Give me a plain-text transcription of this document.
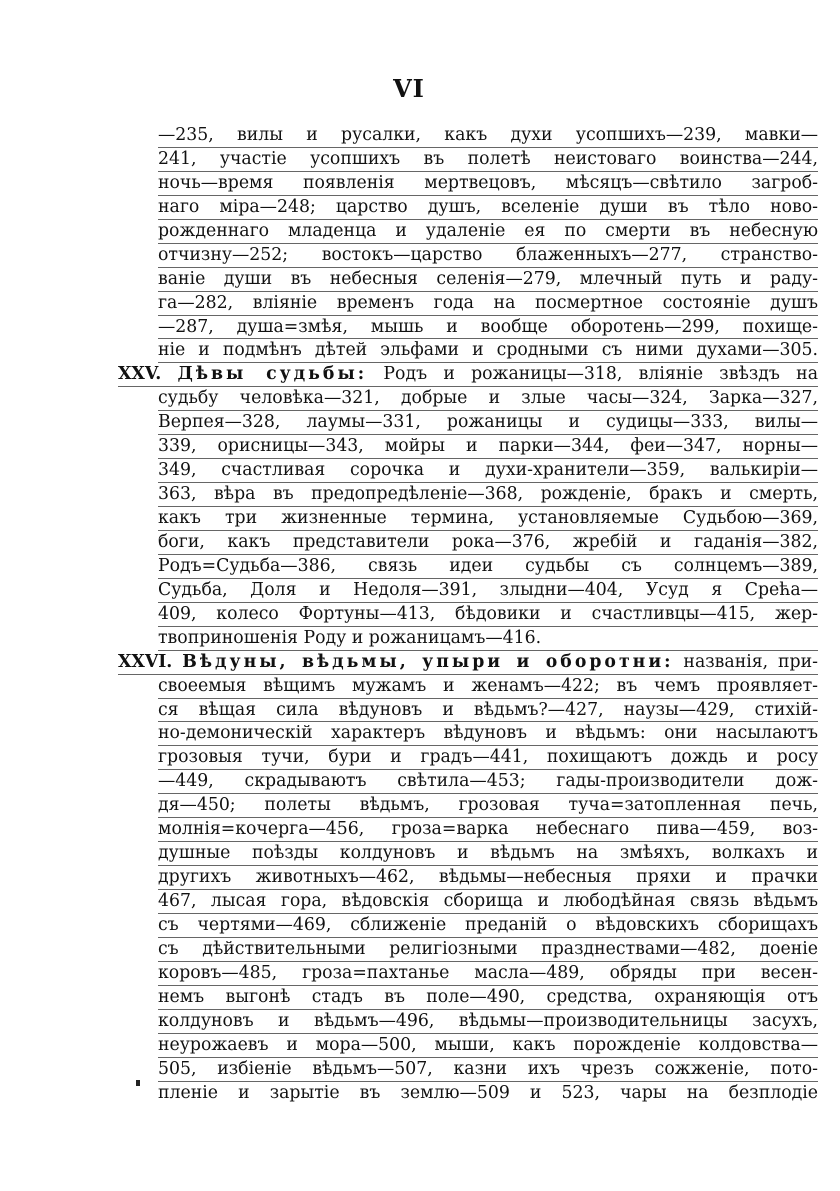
VI
—235, вилы и русалки, какъ духи усопшихъ—239, мавки—
241, участіе усопшихъ въ полетѣ неистоваго воинства—244,
ночь—время появленія мертвецовъ, мѣсяцъ—свѣтило загроб-
наго міра—248; царство душъ, вселеніе души въ тѣло ново-
рожденнаго младенца и удаленіе ея по смерти въ небесную
отчизну—252; востокъ—царство блаженныхъ—277, странство-
ваніе души въ небесныя селенія—279, млечный путь и раду-
га—282, вліяніе временъ года на посмертное состояніе душъ
—287, душа=змѣя, мышь и вообще оборотень—299, похище-
ніе и подмѣнъ дѣтей эльфами и сродными съ ними духами—305.
XXV. Дѣвы судьбы: Родъ и рожаницы—318, вліяніе звѣздъ на
судьбу человѣка—321, добрые и злые часы—324, Зарка—327,
Верпея—328, лаумы—331, рожаницы и судицы—333, вилы—
339, орисницы—343, мойры и парки—344, феи—347, норны—
349, счастливая сорочка и духи-хранители—359, валькиріи—
363, вѣра въ предопредѣленіе—368, рожденіе, бракъ и смерть,
какъ три жизненные термина, установляемые Судьбою—369,
боги, какъ представители рока—376, жребій и гаданія—382,
Родъ=Судьба—386, связь идеи судьбы съ солнцемъ—389,
Судьба, Доля и Недоля—391, злыдни—404, Усуд я Срећа—
409, колесо Фортуны—413, бѣдовики и счастливцы—415, жер-
твоприношенія Роду и рожаницамъ—416.
XXVI. Вѣдуны, вѣдьмы, упыри и оборотни: названія, при-
своеемыя вѣщимъ мужамъ и женамъ—422; въ чемъ проявляет-
ся вѣщая сила вѣдуновъ и вѣдьмъ?—427, наузы—429, стихій-
но-демоническій характеръ вѣдуновъ и вѣдьмъ: они насылаютъ
грозовыя тучи, бури и градъ—441, похищаютъ дождь и росу
—449, скрадываютъ свѣтила—453; гады-производители дож-
дя—450; полеты вѣдьмъ, грозовая туча=затопленная печь,
молнія=кочерга—456, гроза=варка небеснаго пива—459, воз-
душные поѣзды колдуновъ и вѣдьмъ на змѣяхъ, волкахъ и
другихъ животныхъ—462, вѣдьмы—небесныя пряхи и прачки
467, лысая гора, вѣдовскія сборища и любодѣйная связь вѣдьмъ
съ чертями—469, сближеніе преданій о вѣдовскихъ сборищахъ
съ дѣйствительными религіозными празднествами—482, доеніе
коровъ—485, гроза=пахтанье масла—489, обряды при весен-
немъ выгонѣ стадъ въ поле—490, средства, охраняющія отъ
колдуновъ и вѣдьмъ—496, вѣдьмы—производительницы засухъ,
неурожаевъ и мора—500, мыши, какъ порожденіе колдовства—
505, избіеніе вѣдьмъ—507, казни ихъ чрезъ сожженіе, пото-
пленіе и зарытіе въ землю—509 и 523, чары на безплодіе
